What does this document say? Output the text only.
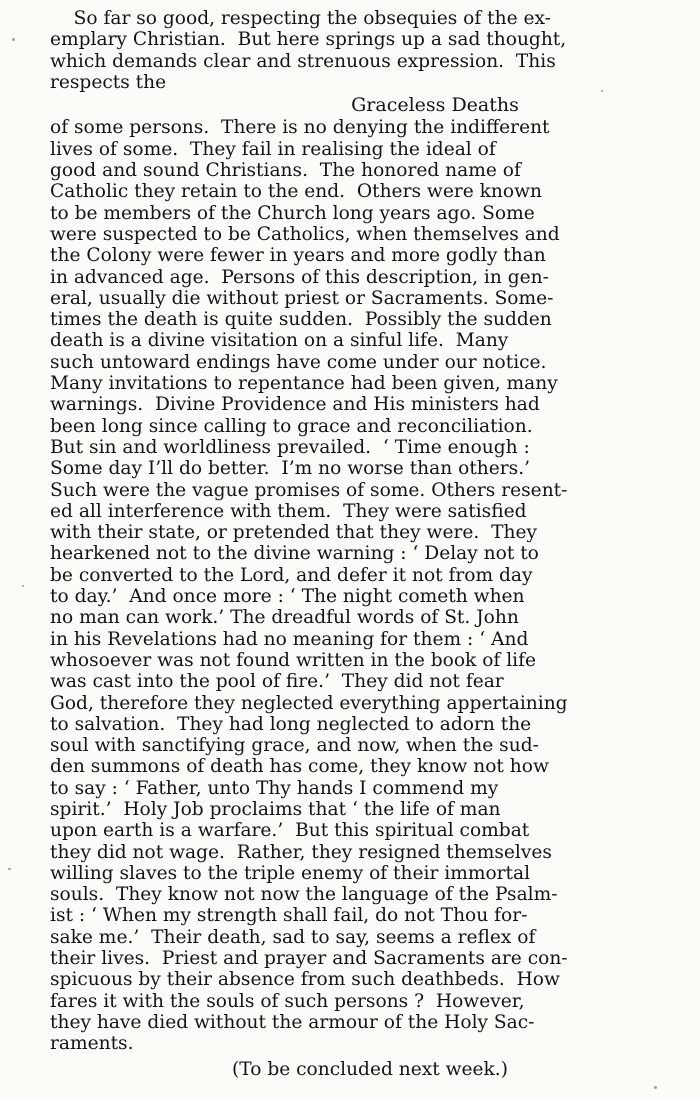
So far so good, respecting the obsequies of the ex-
emplary Christian.  But here springs up a sad thought,
which demands clear and strenuous expression.  This
respects the
Graceless Deaths
of some persons.  There is no denying the indifferent
lives of some.  They fail in realising the ideal of
good and sound Christians.  The honored name of
Catholic they retain to the end.  Others were known
to be members of the Church long years ago. Some
were suspected to be Catholics, when themselves and
the Colony were fewer in years and more godly than
in advanced age.  Persons of this description, in gen-
eral, usually die without priest or Sacraments. Some-
times the death is quite sudden.  Possibly the sudden
death is a divine visitation on a sinful life.  Many
such untoward endings have come under our notice.
Many invitations to repentance had been given, many
warnings.  Divine Providence and His ministers had
been long since calling to grace and reconciliation.
But sin and worldliness prevailed.  ‘ Time enough :
Some day I’ll do better.  I’m no worse than others.’
Such were the vague promises of some. Others resent-
ed all interference with them.  They were satisfied
with their state, or pretended that they were.  They
hearkened not to the divine warning : ‘ Delay not to
be converted to the Lord, and defer it not from day
to day.’  And once more : ‘ The night cometh when
no man can work.’ The dreadful words of St. John
in his Revelations had no meaning for them : ‘ And
whosoever was not found written in the book of life
was cast into the pool of fire.’  They did not fear
God, therefore they neglected everything appertaining
to salvation.  They had long neglected to adorn the
soul with sanctifying grace, and now, when the sud-
den summons of death has come, they know not how
to say : ‘ Father, unto Thy hands I commend my
spirit.’  Holy Job proclaims that ‘ the life of man
upon earth is a warfare.’  But this spiritual combat
they did not wage.  Rather, they resigned themselves
willing slaves to the triple enemy of their immortal
souls.  They know not now the language of the Psalm-
ist : ‘ When my strength shall fail, do not Thou for-
sake me.’  Their death, sad to say, seems a reflex of
their lives.  Priest and prayer and Sacraments are con-
spicuous by their absence from such deathbeds.  How
fares it with the souls of such persons ?  However,
they have died without the armour of the Holy Sac-
raments.
(To be concluded next week.)
